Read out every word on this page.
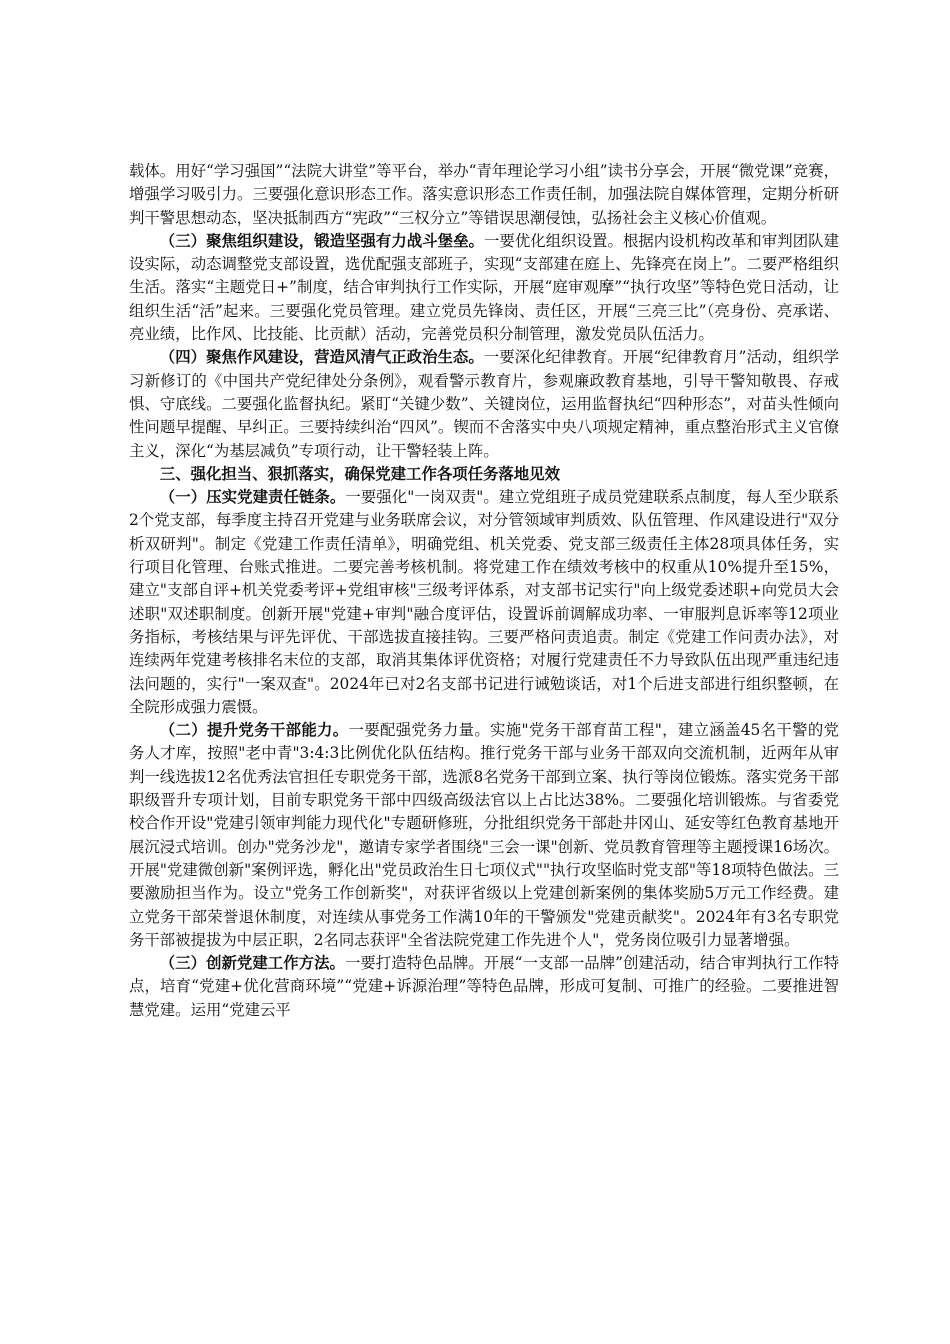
载体。用好“学习强国”“法院大讲堂”等平台，举办“青年理论学习小组”读书分享会，开展“微党课”竞赛，增强学习吸引力。三要强化意识形态工作。落实意识形态工作责任制，加强法院自媒体管理，定期分析研判干警思想动态，坚决抵制西方“宪政”“三权分立”等错误思潮侵蚀，弘扬社会主义核心价值观。

（三）聚焦组织建设，锻造坚强有力战斗堡垒。一要优化组织设置。根据内设机构改革和审判团队建设实际，动态调整党支部设置，选优配强支部班子，实现“支部建在庭上、先锋亮在岗上”。二要严格组织生活。落实“主题党日+”制度，结合审判执行工作实际，开展“庭审观摩”“执行攻坚”等特色党日活动，让组织生活“活”起来。三要强化党员管理。建立党员先锋岗、责任区，开展“三亮三比”（亮身份、亮承诺、亮业绩，比作风、比技能、比贡献）活动，完善党员积分制管理，激发党员队伍活力。

（四）聚焦作风建设，营造风清气正政治生态。一要深化纪律教育。开展“纪律教育月”活动，组织学习新修订的《中国共产党纪律处分条例》，观看警示教育片，参观廉政教育基地，引导干警知敬畏、存戒惧、守底线。二要强化监督执纪。紧盯“关键少数”、关键岗位，运用监督执纪“四种形态”，对苗头性倾向性问题早提醒、早纠正。三要持续纠治“四风”。锲而不舍落实中央八项规定精神，重点整治形式主义官僚主义，深化“为基层减负”专项行动，让干警轻装上阵。

三、强化担当、狠抓落实，确保党建工作各项任务落地见效

（一）压实党建责任链条。一要强化"一岗双责"。建立党组班子成员党建联系点制度，每人至少联系2个党支部，每季度主持召开党建与业务联席会议，对分管领域审判质效、队伍管理、作风建设进行"双分析双研判"。制定《党建工作责任清单》，明确党组、机关党委、党支部三级责任主体28项具体任务，实行项目化管理、台账式推进。二要完善考核机制。将党建工作在绩效考核中的权重从10%提升至15%，建立"支部自评+机关党委考评+党组审核"三级考评体系，对支部书记实行"向上级党委述职+向党员大会述职"双述职制度。创新开展"党建+审判"融合度评估，设置诉前调解成功率、一审服判息诉率等12项业务指标，考核结果与评先评优、干部选拔直接挂钩。三要严格问责追责。制定《党建工作问责办法》，对连续两年党建考核排名末位的支部，取消其集体评优资格；对履行党建责任不力导致队伍出现严重违纪违法问题的，实行"一案双查"。2024年已对2名支部书记进行诫勉谈话，对1个后进支部进行组织整顿，在全院形成强力震慑。

（二）提升党务干部能力。一要配强党务力量。实施"党务干部育苗工程"，建立涵盖45名干警的党务人才库，按照"老中青"3:4:3比例优化队伍结构。推行党务干部与业务干部双向交流机制，近两年从审判一线选拔12名优秀法官担任专职党务干部，选派8名党务干部到立案、执行等岗位锻炼。落实党务干部职级晋升专项计划，目前专职党务干部中四级高级法官以上占比达38%。二要强化培训锻炼。与省委党校合作开设"党建引领审判能力现代化"专题研修班，分批组织党务干部赴井冈山、延安等红色教育基地开展沉浸式培训。创办"党务沙龙"，邀请专家学者围绕"三会一课"创新、党员教育管理等主题授课16场次。开展"党建微创新"案例评选，孵化出"党员政治生日七项仪式""执行攻坚临时党支部"等18项特色做法。三要激励担当作为。设立"党务工作创新奖"，对获评省级以上党建创新案例的集体奖励5万元工作经费。建立党务干部荣誉退休制度，对连续从事党务工作满10年的干警颁发"党建贡献奖"。2024年有3名专职党务干部被提拔为中层正职，2名同志获评"全省法院党建工作先进个人"，党务岗位吸引力显著增强。

（三）创新党建工作方法。一要打造特色品牌。开展“一支部一品牌”创建活动，结合审判执行工作特点，培育“党建+优化营商环境”“党建+诉源治理”等特色品牌，形成可复制、可推广的经验。二要推进智慧党建。运用“党建云平
